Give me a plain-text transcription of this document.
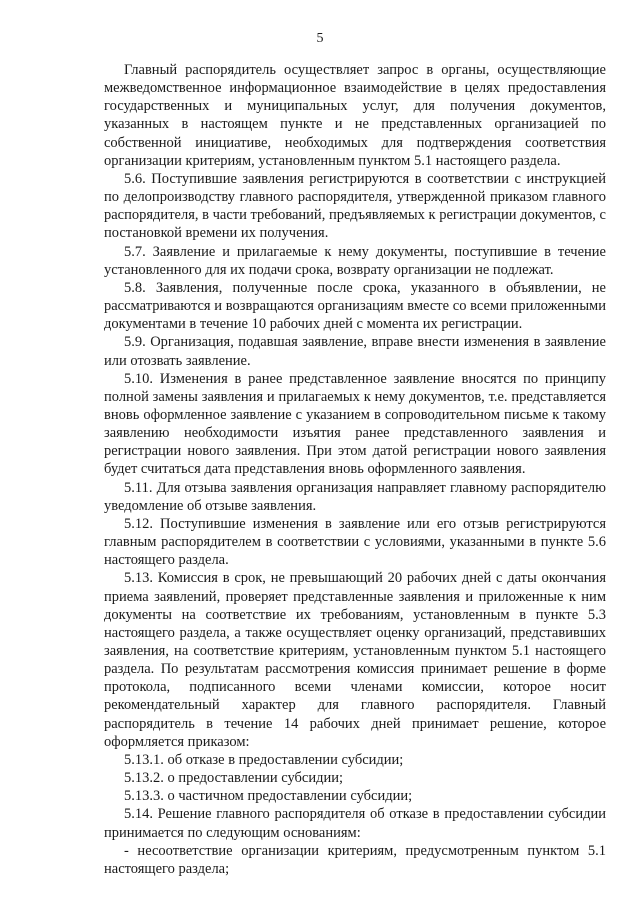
5

Главный распорядитель осуществляет запрос в органы, осуществляющие межведомственное информационное взаимодействие в целях предоставления государственных и муниципальных услуг, для получения документов, указанных в настоящем пункте и не представленных организацией по собственной инициативе, необходимых для подтверждения соответствия организации критериям, установленным пунктом 5.1 настоящего раздела.

5.6. Поступившие заявления регистрируются в соответствии с инструкцией по делопроизводству главного распорядителя, утвержденной приказом главного распорядителя, в части требований, предъявляемых к регистрации документов, с постановкой времени их получения.

5.7. Заявление и прилагаемые к нему документы, поступившие в течение установленного для их подачи срока, возврату организации не подлежат.

5.8. Заявления, полученные после срока, указанного в объявлении, не рассматриваются и возвращаются организациям вместе со всеми приложенными документами в течение 10 рабочих дней с момента их регистрации.

5.9. Организация, подавшая заявление, вправе внести изменения в заявление или отозвать заявление.

5.10. Изменения в ранее представленное заявление вносятся по принципу полной замены заявления и прилагаемых к нему документов, т.е. представляется вновь оформленное заявление с указанием в сопроводительном письме к такому заявлению необходимости изъятия ранее представленного заявления и регистрации нового заявления. При этом датой регистрации нового заявления будет считаться дата представления вновь оформленного заявления.

5.11. Для отзыва заявления организация направляет главному распорядителю уведомление об отзыве заявления.

5.12. Поступившие изменения в заявление или его отзыв регистрируются главным распорядителем в соответствии с условиями, указанными в пункте 5.6 настоящего раздела.

5.13. Комиссия в срок, не превышающий 20 рабочих дней с даты окончания приема заявлений, проверяет представленные заявления и приложенные к ним документы на соответствие их требованиям, установленным в пункте 5.3 настоящего раздела, а также осуществляет оценку организаций, представивших заявления, на соответствие критериям, установленным пунктом 5.1 настоящего раздела. По результатам рассмотрения комиссия принимает решение в форме протокола, подписанного всеми членами комиссии, которое носит рекомендательный характер для главного распорядителя. Главный распорядитель в течение 14 рабочих дней принимает решение, которое оформляется приказом:

5.13.1. об отказе в предоставлении субсидии;

5.13.2. о предоставлении субсидии;

5.13.3. о частичном предоставлении субсидии;

5.14. Решение главного распорядителя об отказе в предоставлении субсидии принимается по следующим основаниям:

- несоответствие организации критериям, предусмотренным пунктом 5.1 настоящего раздела;
